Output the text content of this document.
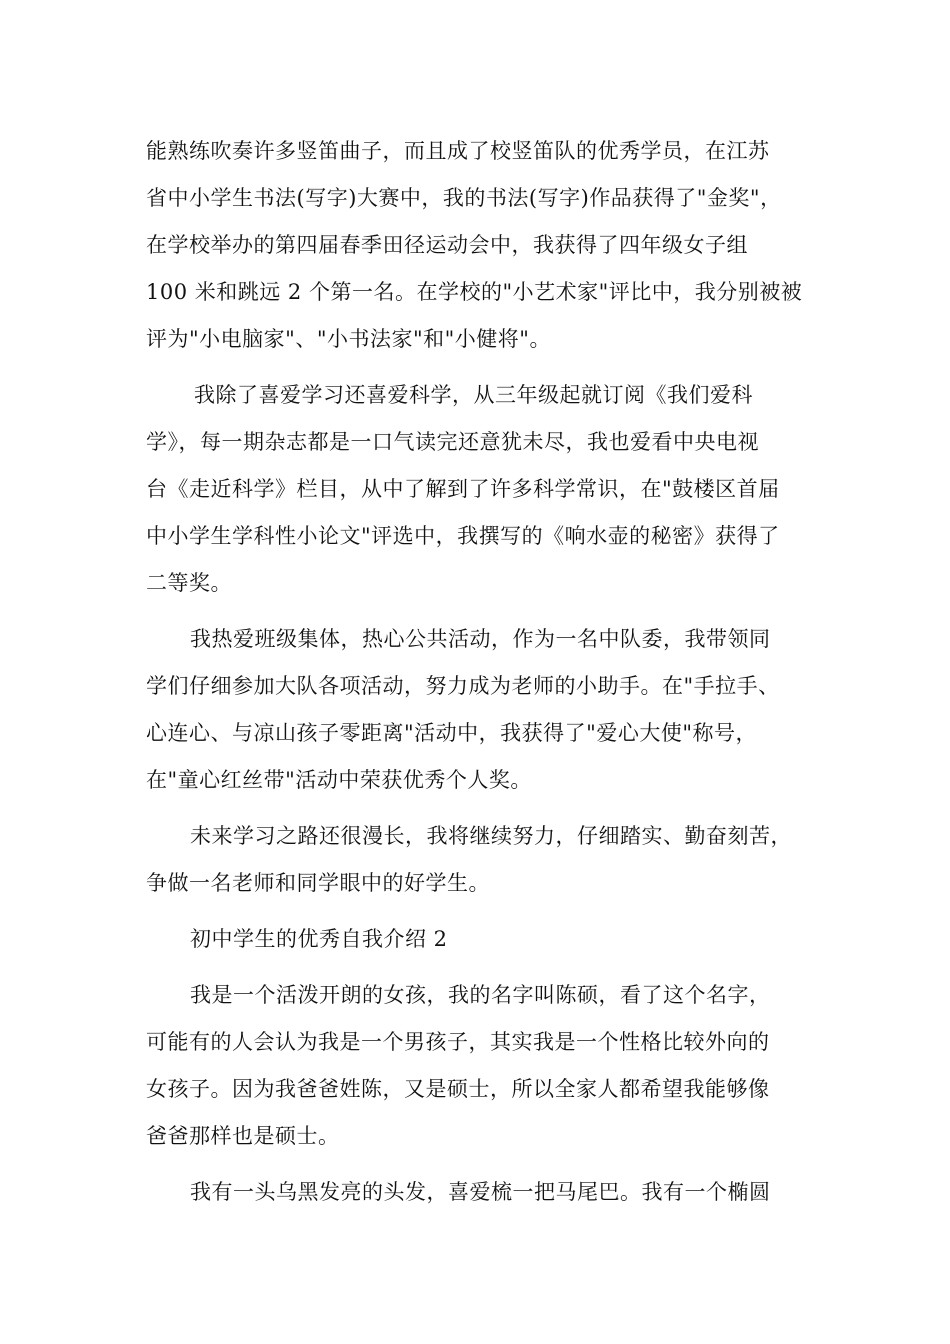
能熟练吹奏许多竖笛曲子，而且成了校竖笛队的优秀学员，在江苏
省中小学生书法(写字)大赛中，我的书法(写字)作品获得了"金奖"，
在学校举办的第四届春季田径运动会中，我获得了四年级女子组
100 米和跳远 2 个第一名。在学校的"小艺术家"评比中，我分别被被
评为"小电脑家"、"小书法家"和"小健将"。
我除了喜爱学习还喜爱科学，从三年级起就订阅《我们爱科
学》，每一期杂志都是一口气读完还意犹未尽，我也爱看中央电视
台《走近科学》栏目，从中了解到了许多科学常识，在"鼓楼区首届
中小学生学科性小论文"评选中，我撰写的《响水壶的秘密》获得了
二等奖。
我热爱班级集体，热心公共活动，作为一名中队委，我带领同
学们仔细参加大队各项活动，努力成为老师的小助手。在"手拉手、
心连心、与凉山孩子零距离"活动中，我获得了"爱心大使"称号，
在"童心红丝带"活动中荣获优秀个人奖。
未来学习之路还很漫长，我将继续努力，仔细踏实、勤奋刻苦，
争做一名老师和同学眼中的好学生。
初中学生的优秀自我介绍 2
我是一个活泼开朗的女孩，我的名字叫陈硕，看了这个名字，
可能有的人会认为我是一个男孩子，其实我是一个性格比较外向的
女孩子。因为我爸爸姓陈，又是硕士，所以全家人都希望我能够像
爸爸那样也是硕士。
我有一头乌黑发亮的头发，喜爱梳一把马尾巴。我有一个椭圆
